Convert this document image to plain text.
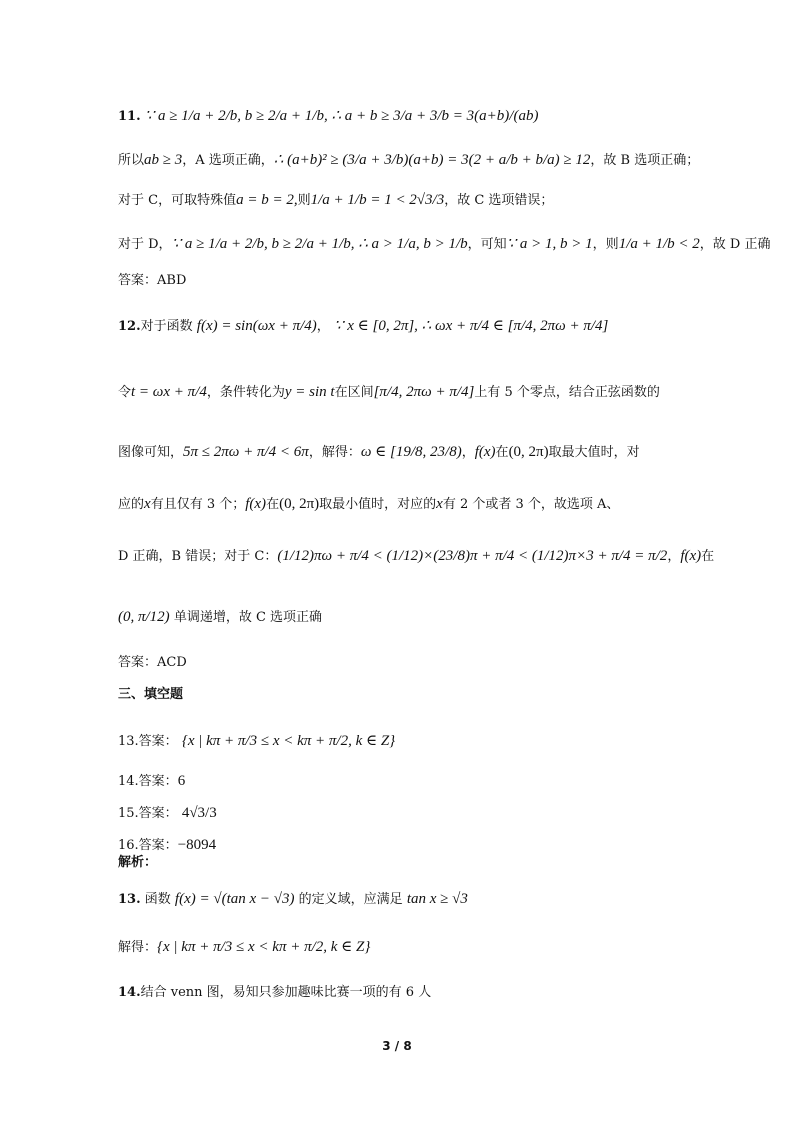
11. ∵ a ≥ 1/a + 2/b, b ≥ 2/a + 1/b, ∴ a + b ≥ 3/a + 3/b = 3(a+b)/(ab)
所以ab ≥ 3，A 选项正确，∴ (a+b)² ≥ (3/a + 3/b)(a+b) = 3(2 + a/b + b/a) ≥ 12，故 B 选项正确；
对于 C，可取特殊值a = b = 2,则1/a + 1/b = 1 < 2√3/3，故 C 选项错误；
对于 D，∵ a ≥ 1/a + 2/b, b ≥ 2/a + 1/b, ∴ a > 1/a, b > 1/b，可知∵ a > 1, b > 1，则1/a + 1/b < 2，故 D 正确
答案：ABD
12.对于函数 f(x) = sin(ωx + π/4)， ∵ x ∈ [0, 2π], ∴ ωx + π/4 ∈ [π/4, 2πω + π/4]
令t = ωx + π/4，条件转化为y = sin t在区间[π/4, 2πω + π/4]上有 5 个零点，结合正弦函数的
图像可知，5π ≤ 2πω + π/4 < 6π，解得：ω ∈ [19/8, 23/8)，f(x)在(0, 2π)取最大值时，对
应的x有且仅有 3 个；f(x)在(0, 2π)取最小值时，对应的x有 2 个或者 3 个，故选项 A、
D 正确，B 错误；对于 C：(1/12)πω + π/4 < (1/12)×(23/8)π + π/4 < (1/12)π×3 + π/4 = π/2，f(x)在
(0, π/12) 单调递增，故 C 选项正确
答案：ACD
三、填空题
13.答案： {x | kπ + π/3 ≤ x < kπ + π/2, k ∈ Z}
14.答案：6
15.答案： 4√3/3
16.答案：−8094
解析：
13. 函数 f(x) = √(tan x − √3) 的定义域，应满足 tan x ≥ √3
解得：{x | kπ + π/3 ≤ x < kπ + π/2, k ∈ Z}
14.结合 venn 图，易知只参加趣味比赛一项的有 6 人
3 / 8
